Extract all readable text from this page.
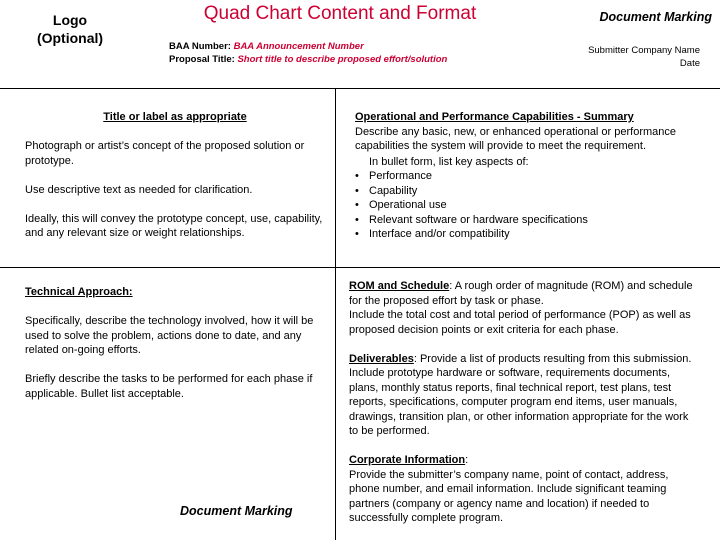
Logo
(Optional)
Quad Chart Content and Format
BAA Number: BAA Announcement Number
Proposal Title: Short title to describe proposed effort/solution
Document Marking
Submitter Company Name
Date

Title or label as appropriate

Photograph or artist’s concept of the proposed solution or prototype.

Use descriptive text as needed for clarification.

Ideally, this will convey the prototype concept, use, capability, and any relevant size or weight relationships.

Operational and Performance Capabilities - Summary

Describe any basic, new, or enhanced operational or performance capabilities the system will provide to meet the requirement.

In bullet form, list key aspects of:

• Performance
• Capability
• Operational use
• Relevant software or hardware specifications
• Interface and/or compatibility

Technical Approach:

Specifically, describe the technology involved, how it will be used to solve the problem, actions done to date, and any related on-going efforts.

Briefly describe the tasks to be performed for each phase if applicable. Bullet list acceptable.

ROM and Schedule: A rough order of magnitude (ROM) and schedule for the proposed effort by task or phase.

Include the total cost and total period of performance (POP) as well as proposed decision points or exit criteria for each phase.

Deliverables: Provide a list of products resulting from this submission. Include prototype hardware or software, requirements documents, plans, monthly status reports, final technical report, test plans, test reports, specifications, computer program end items, user manuals, drawings, transition plan, or other information appropriate for the work to be performed.

Corporate Information:

Provide the submitter’s company name, point of contact, address, phone number, and email information. Include significant teaming partners (company or agency name and location) if needed to successfully complete program.

Document Marking
